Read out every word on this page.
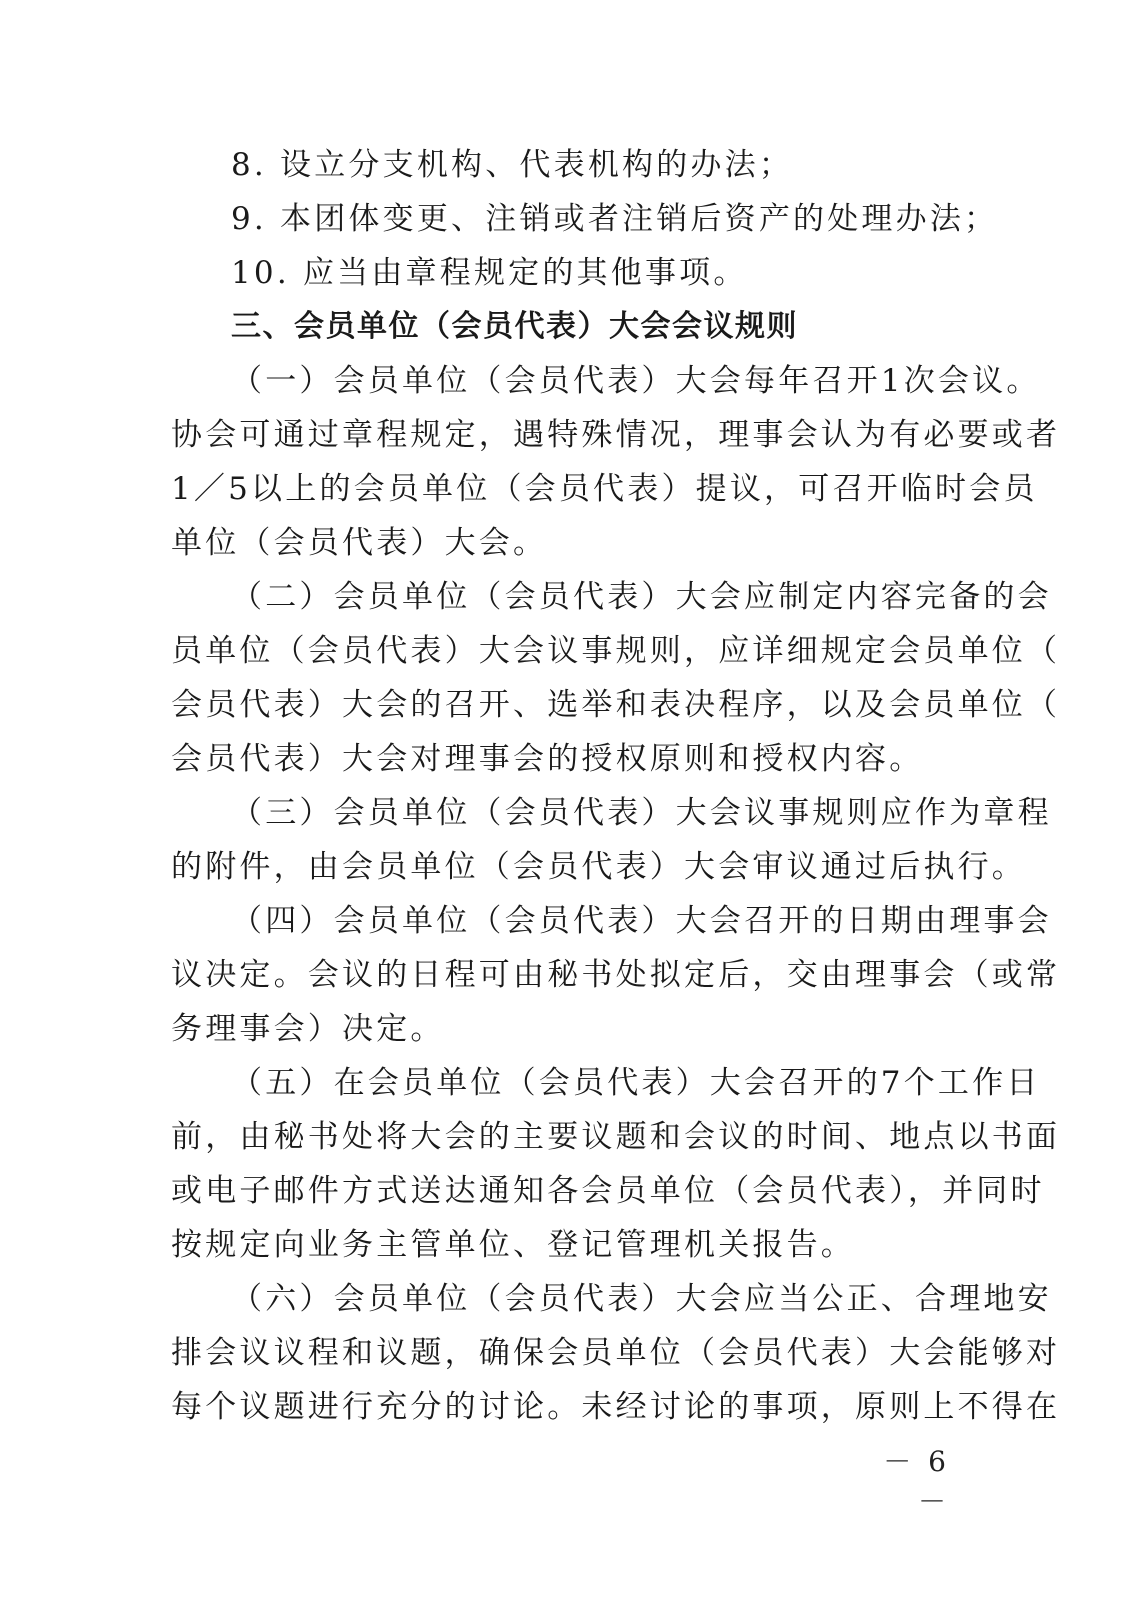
8. 设立分支机构、代表机构的办法；
9. 本团体变更、注销或者注销后资产的处理办法；
10. 应当由章程规定的其他事项。
三、会员单位（会员代表）大会会议规则
（一）会员单位（会员代表）大会每年召开1次会议。
协会可通过章程规定，遇特殊情况，理事会认为有必要或者
1／5以上的会员单位（会员代表）提议，可召开临时会员
单位（会员代表）大会。
（二）会员单位（会员代表）大会应制定内容完备的会
员单位（会员代表）大会议事规则，应详细规定会员单位（
会员代表）大会的召开、选举和表决程序，以及会员单位（
会员代表）大会对理事会的授权原则和授权内容。
（三）会员单位（会员代表）大会议事规则应作为章程
的附件，由会员单位（会员代表）大会审议通过后执行。
（四）会员单位（会员代表）大会召开的日期由理事会
议决定。会议的日程可由秘书处拟定后，交由理事会（或常
务理事会）决定。
（五）在会员单位（会员代表）大会召开的7个工作日
前，由秘书处将大会的主要议题和会议的时间、地点以书面
或电子邮件方式送达通知各会员单位（会员代表），并同时
按规定向业务主管单位、登记管理机关报告。
（六）会员单位（会员代表）大会应当公正、合理地安
排会议议程和议题，确保会员单位（会员代表）大会能够对
每个议题进行充分的讨论。未经讨论的事项，原则上不得在
－ 6 －
